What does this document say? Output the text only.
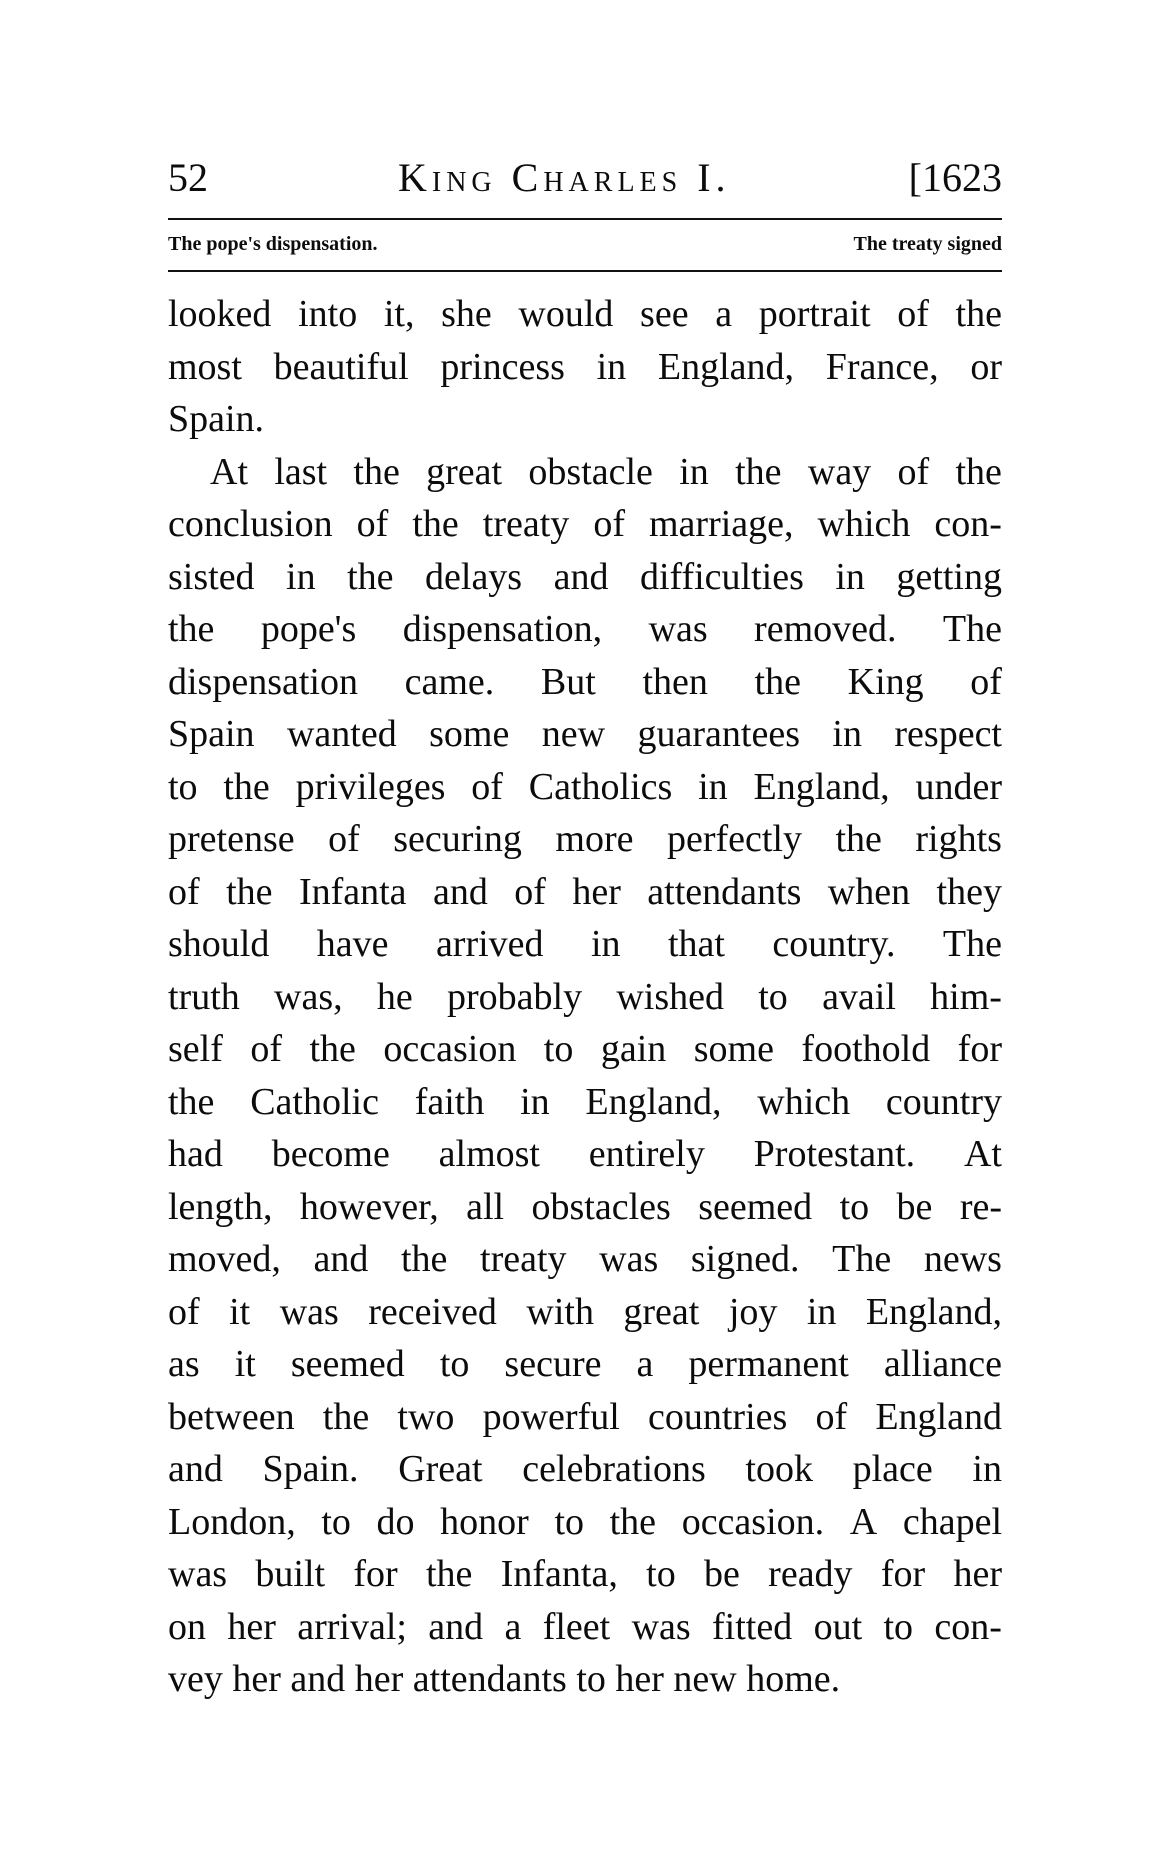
52	King Charles I.	[1623
The pope's dispensation.	The treaty signed
looked into it, she would see a portrait of the
most beautiful princess in England, France, or
Spain.
At last the great obstacle in the way of the
conclusion of the treaty of marriage, which con-
sisted in the delays and difficulties in getting
the pope's dispensation, was removed. The
dispensation came. But then the King of
Spain wanted some new guarantees in respect
to the privileges of Catholics in England, under
pretense of securing more perfectly the rights
of the Infanta and of her attendants when they
should have arrived in that country. The
truth was, he probably wished to avail him-
self of the occasion to gain some foothold for
the Catholic faith in England, which country
had become almost entirely Protestant. At
length, however, all obstacles seemed to be re-
moved, and the treaty was signed. The news
of it was received with great joy in England,
as it seemed to secure a permanent alliance
between the two powerful countries of England
and Spain. Great celebrations took place in
London, to do honor to the occasion. A chapel
was built for the Infanta, to be ready for her
on her arrival; and a fleet was fitted out to con-
vey her and her attendants to her new home.
